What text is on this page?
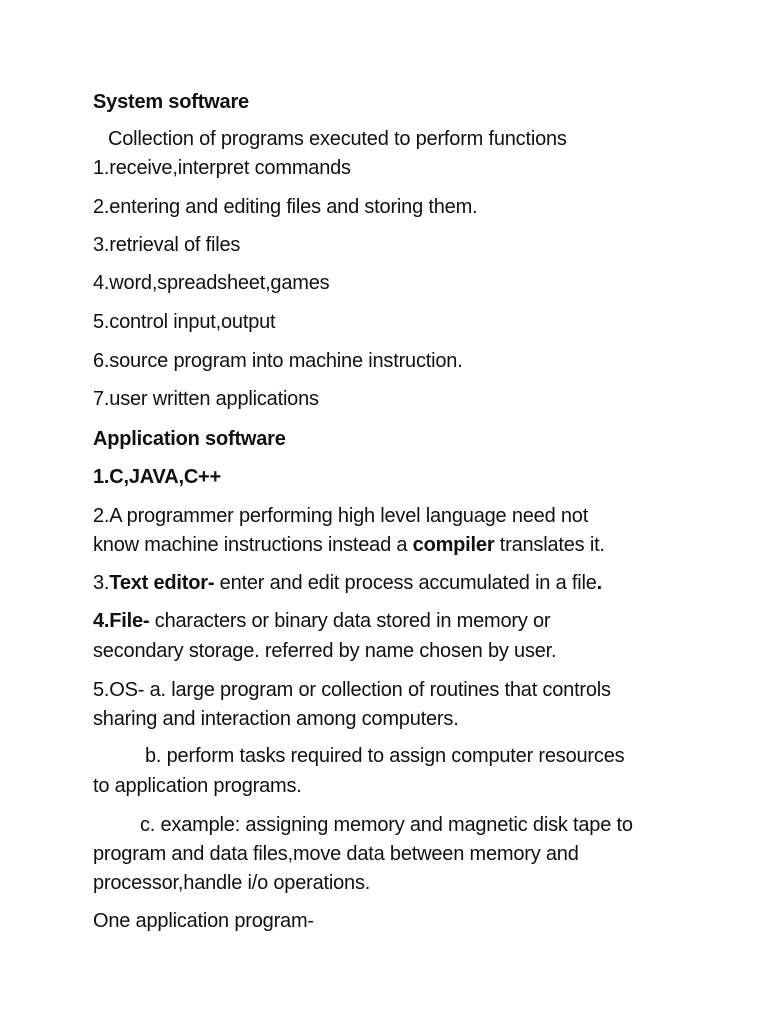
System software
Collection of programs executed to perform functions
1.receive,interpret commands
2.entering and editing files and storing them.
3.retrieval of files
4.word,spreadsheet,games
5.control input,output
6.source program into machine instruction.
7.user written applications
Application software
1.C,JAVA,C++
2.A programmer performing high level language need not
know machine instructions instead a compiler translates it.
3.Text editor- enter and edit process accumulated in a file.
4.File- characters or binary data stored in memory or
secondary storage. referred by name chosen by user.
5.OS- a. large program or collection of routines that controls
sharing and interaction among computers.
b. perform tasks required to assign computer resources
to application programs.
c. example: assigning memory and magnetic disk tape to
program and data files,move data between memory and
processor,handle i/o operations.
One application program-
